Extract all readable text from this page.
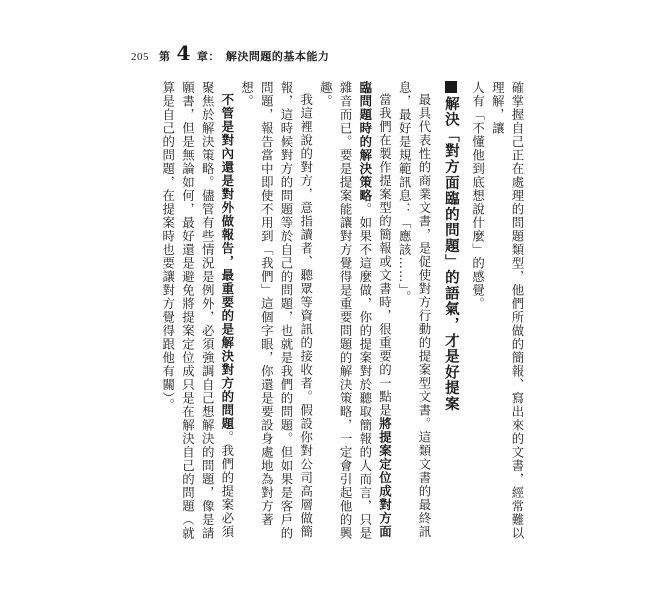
205 第 4 章： 解決問題的基本能力

確掌握自己正在處理的問題類型，他們所做的簡報、寫出來的文書，經常難以理解，讓

人有「不懂他到底想說什麼」的感覺。

解決「對方面臨的問題」的語氣，才是好提案

最具代表性的商業文書，是促使對方行動的提案型文書。這類文書的最終訊息，最好是規範訊息：「應該……」。

當我們在製作提案型的簡報或文書時，很重要的一點是將提案定位成對方面臨問題時的解決策略。如果不這麼做，你的提案對於聽取簡報的人而言，只是雜音而已。要是提案能讓對方覺得是重要問題的解決策略，一定會引起他的興趣。

我這裡說的對方，意指讀者、聽眾等資訊的接收者。假設你對公司高層做簡報，這時候對方的問題等於自己的問題，也就是我們的問題。但如果是客戶的問題，報告當中即使不用到「我們」這個字眼，你還是要設身處地為對方著想。

不管是對內還是對外做報告，最重要的是解決對方的問題。我們的提案必須聚焦於解決策略。儘管有些情況是例外，必須強調自己想解決的問題，像是請願書，但是無論如何，最好還是避免將提案定位成只是在解決自己的問題（就算是自己的問題，在提案時也要讓對方覺得跟他有關）。
